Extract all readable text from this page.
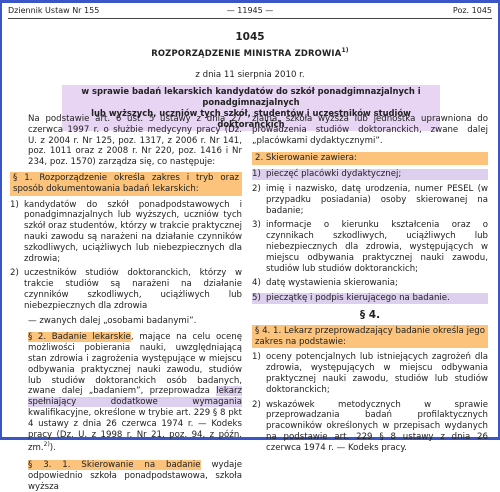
Dziennik Ustaw Nr 155	— 11945 —	Poz. 1045
1045
ROZPORZĄDZENIE MINISTRA ZDROWIA$^{1)}$
z dnia 11 sierpnia 2010 r.
w sprawie badań lekarskich kandydatów do szkół ponadgimnazjalnych i ponadgimnazjalnych
lub wyższych, uczniów tych szkół, studentów i uczestników studiów doktoranckich

Na podstawie art. 6 ust. 5 ustawy z dnia 27 czerwca 1997 r. o służbie medycyny pracy (Dz. U. z 2004 r. Nr 125, poz. 1317, z 2006 r. Nr 141, poz. 1011 oraz z 2008 r. Nr 220, poz. 1416 i Nr 234, poz. 1570) zarządza się, co następuje:

§ 1. Rozporządzenie określa zakres i tryb oraz sposób dokumentowania badań lekarskich:

1) kandydatów do szkół ponadpodstawowych i ponadgimnazjalnych lub wyższych, uczniów tych szkół oraz studentów, którzy w trakcie praktycznej nauki zawodu są narażeni na działanie czynników szkodliwych, uciążliwych lub niebezpiecznych dla zdrowia;
2) uczestników studiów doktoranckich, którzy w trakcie studiów są narażeni na działanie czynników szkodliwych, uciążliwych lub niebezpiecznych dla zdrowia

— zwanych dalej „osobami badanymi”.

§ 2. Badanie lekarskie, mające na celu ocenę możliwości pobierania nauki, uwzględniającą stan zdrowia i zagrożenia występujące w miejscu odbywania praktycznej nauki zawodu, studiów lub studiów doktoranckich osób badanych, zwane dalej „badaniem”, przeprowadza lekarz spełniający dodatkowe wymagania kwalifikacyjne, określone w trybie art. 229 § 8 pkt 4 ustawy z dnia 26 czerwca 1974 r. — Kodeks pracy (Dz. U. z 1998 r. Nr 21, poz. 94, z późn. zm.$^{2)}$).

§ 3. 1. Skierowanie na badanie wydaje odpowiednio szkoła ponadpodstawowa, szkoła wyższa

zjalna, szkoła wyższa lub jednostka uprawniona do prowadzenia studiów doktoranckich, zwane dalej „placówkami dydaktycznymi”.

2. Skierowanie zawiera:

1) pieczęć placówki dydaktycznej;
2) imię i nazwisko, datę urodzenia, numer PESEL (w przypadku posiadania) osoby skierowanej na badanie;
3) informacje o kierunku kształcenia oraz o czynnikach szkodliwych, uciążliwych lub niebezpiecznych dla zdrowia, występujących w miejscu odbywania praktycznej nauki zawodu, studiów lub studiów doktoranckich;
4) datę wystawienia skierowania;
5) pieczątkę i podpis kierującego na badanie.

§ 4.

§ 4. 1. Lekarz przeprowadzający badanie określa jego zakres na podstawie:

1) oceny potencjalnych lub istniejących zagrożeń dla zdrowia, występujących w miejscu odbywania praktycznej nauki zawodu, studiów lub studiów doktoranckich;
2) wskazówek metodycznych w sprawie przeprowadzania badań profilaktycznych pracowników określonych w przepisach wydanych na podstawie art. 229 § 8 ustawy z dnia 26 czerwca 1974 r. — Kodeks pracy.
